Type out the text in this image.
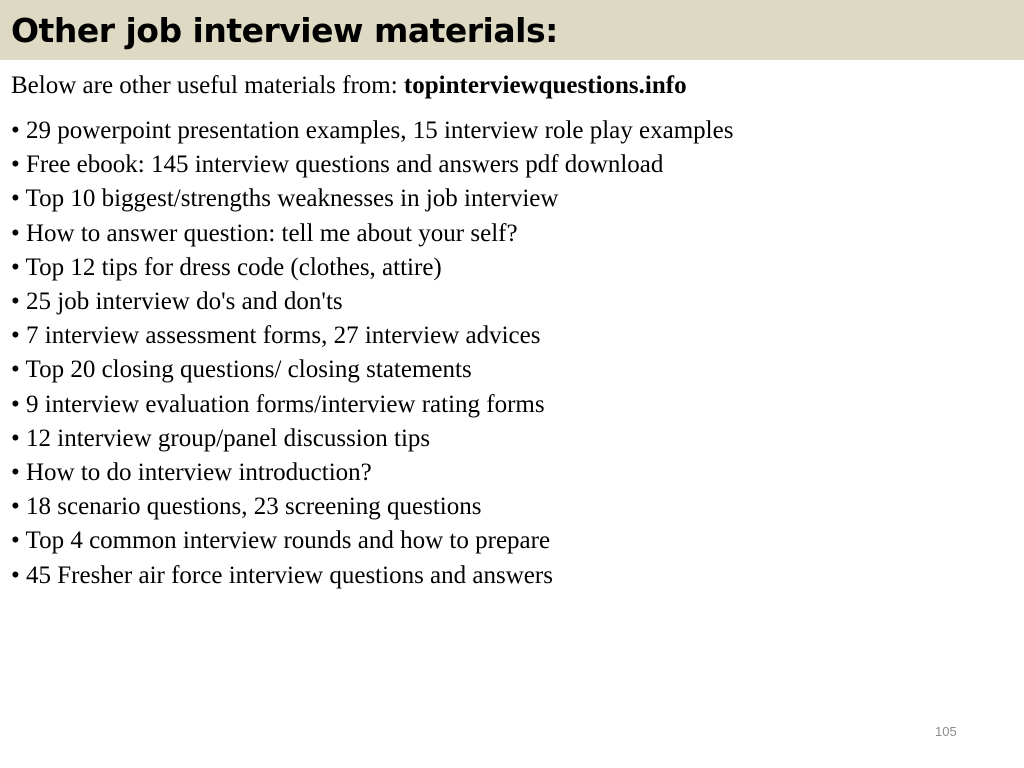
Other job interview materials:

Below are other useful materials from: topinterviewquestions.info

• 29 powerpoint presentation examples, 15 interview role play examples
• Free ebook: 145 interview questions and answers pdf download
• Top 10 biggest/strengths weaknesses in job interview
• How to answer question: tell me about your self?
• Top 12 tips for dress code (clothes, attire)
• 25 job interview do's and don'ts
• 7 interview assessment forms, 27 interview advices
• Top 20 closing questions/ closing statements
• 9 interview evaluation forms/interview rating forms
• 12 interview group/panel discussion tips
• How to do interview introduction?
• 18 scenario questions, 23 screening questions
• Top 4 common interview rounds and how to prepare
• 45 Fresher air force interview questions and answers
105
